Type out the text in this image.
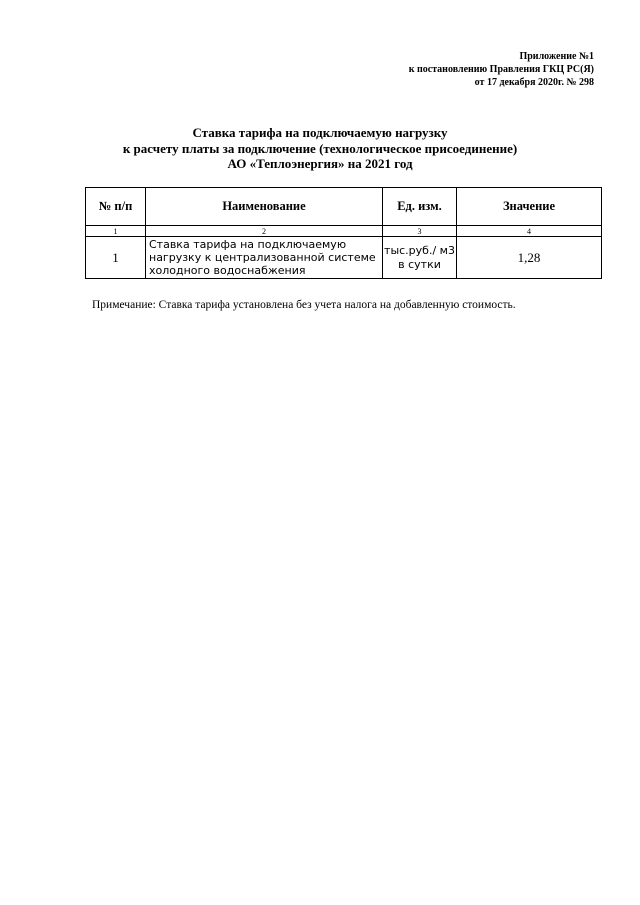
Приложение №1
к постановлению Правления ГКЦ РС(Я)
от 17 декабря 2020г. № 298
Ставка тарифа на подключаемую нагрузку
к расчету платы за подключение (технологическое присоединение)
АО «Теплоэнергия» на 2021 год
№ п/п	Наименование	Ед. изм.	Значение
1	2	3	4
1	Ставка тарифа на подключаемую нагрузку к централизованной системе холодного водоснабжения	тыс.руб./ м3 в сутки	1,28
Примечание: Ставка тарифа установлена без учета налога на добавленную стоимость.
